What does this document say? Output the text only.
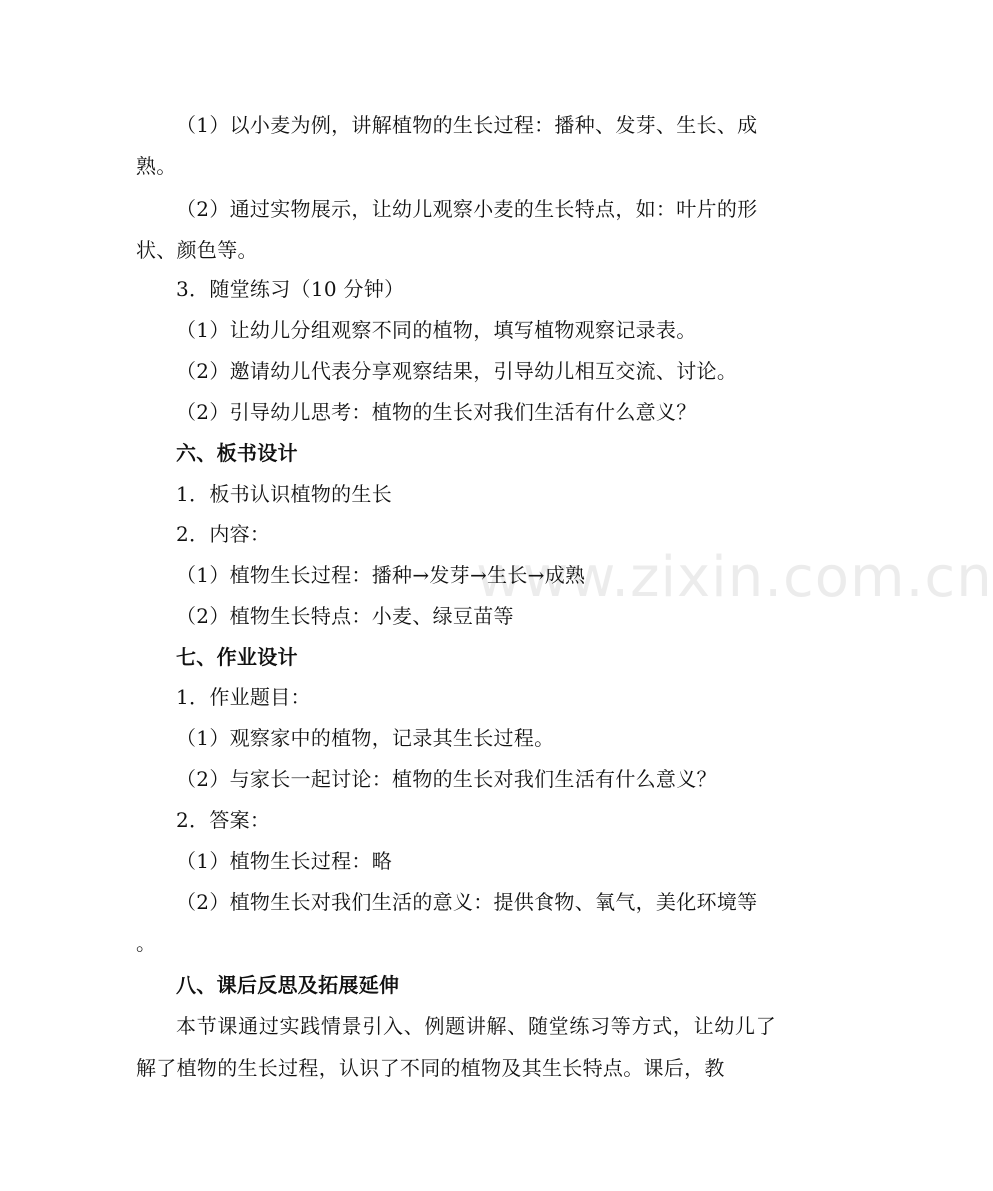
www.zixin.com.cn
（1）以小麦为例，讲解植物的生长过程：播种、发芽、生长、成
熟。
（2）通过实物展示，让幼儿观察小麦的生长特点，如：叶片的形
状、颜色等。
3．随堂练习（10 分钟）
（1）让幼儿分组观察不同的植物，填写植物观察记录表。
（2）邀请幼儿代表分享观察结果，引导幼儿相互交流、讨论。
（2）引导幼儿思考：植物的生长对我们生活有什么意义？
六、板书设计
1．板书认识植物的生长
2．内容：
（1）植物生长过程：播种→发芽→生长→成熟
（2）植物生长特点：小麦、绿豆苗等
七、作业设计
1．作业题目：
（1）观察家中的植物，记录其生长过程。
（2）与家长一起讨论：植物的生长对我们生活有什么意义？
2．答案：
（1）植物生长过程：略
（2）植物生长对我们生活的意义：提供食物、氧气，美化环境等
。
八、课后反思及拓展延伸
本节课通过实践情景引入、例题讲解、随堂练习等方式，让幼儿了解了植物的生长过程，认识了不同的植物及其生长特点。课后，教
